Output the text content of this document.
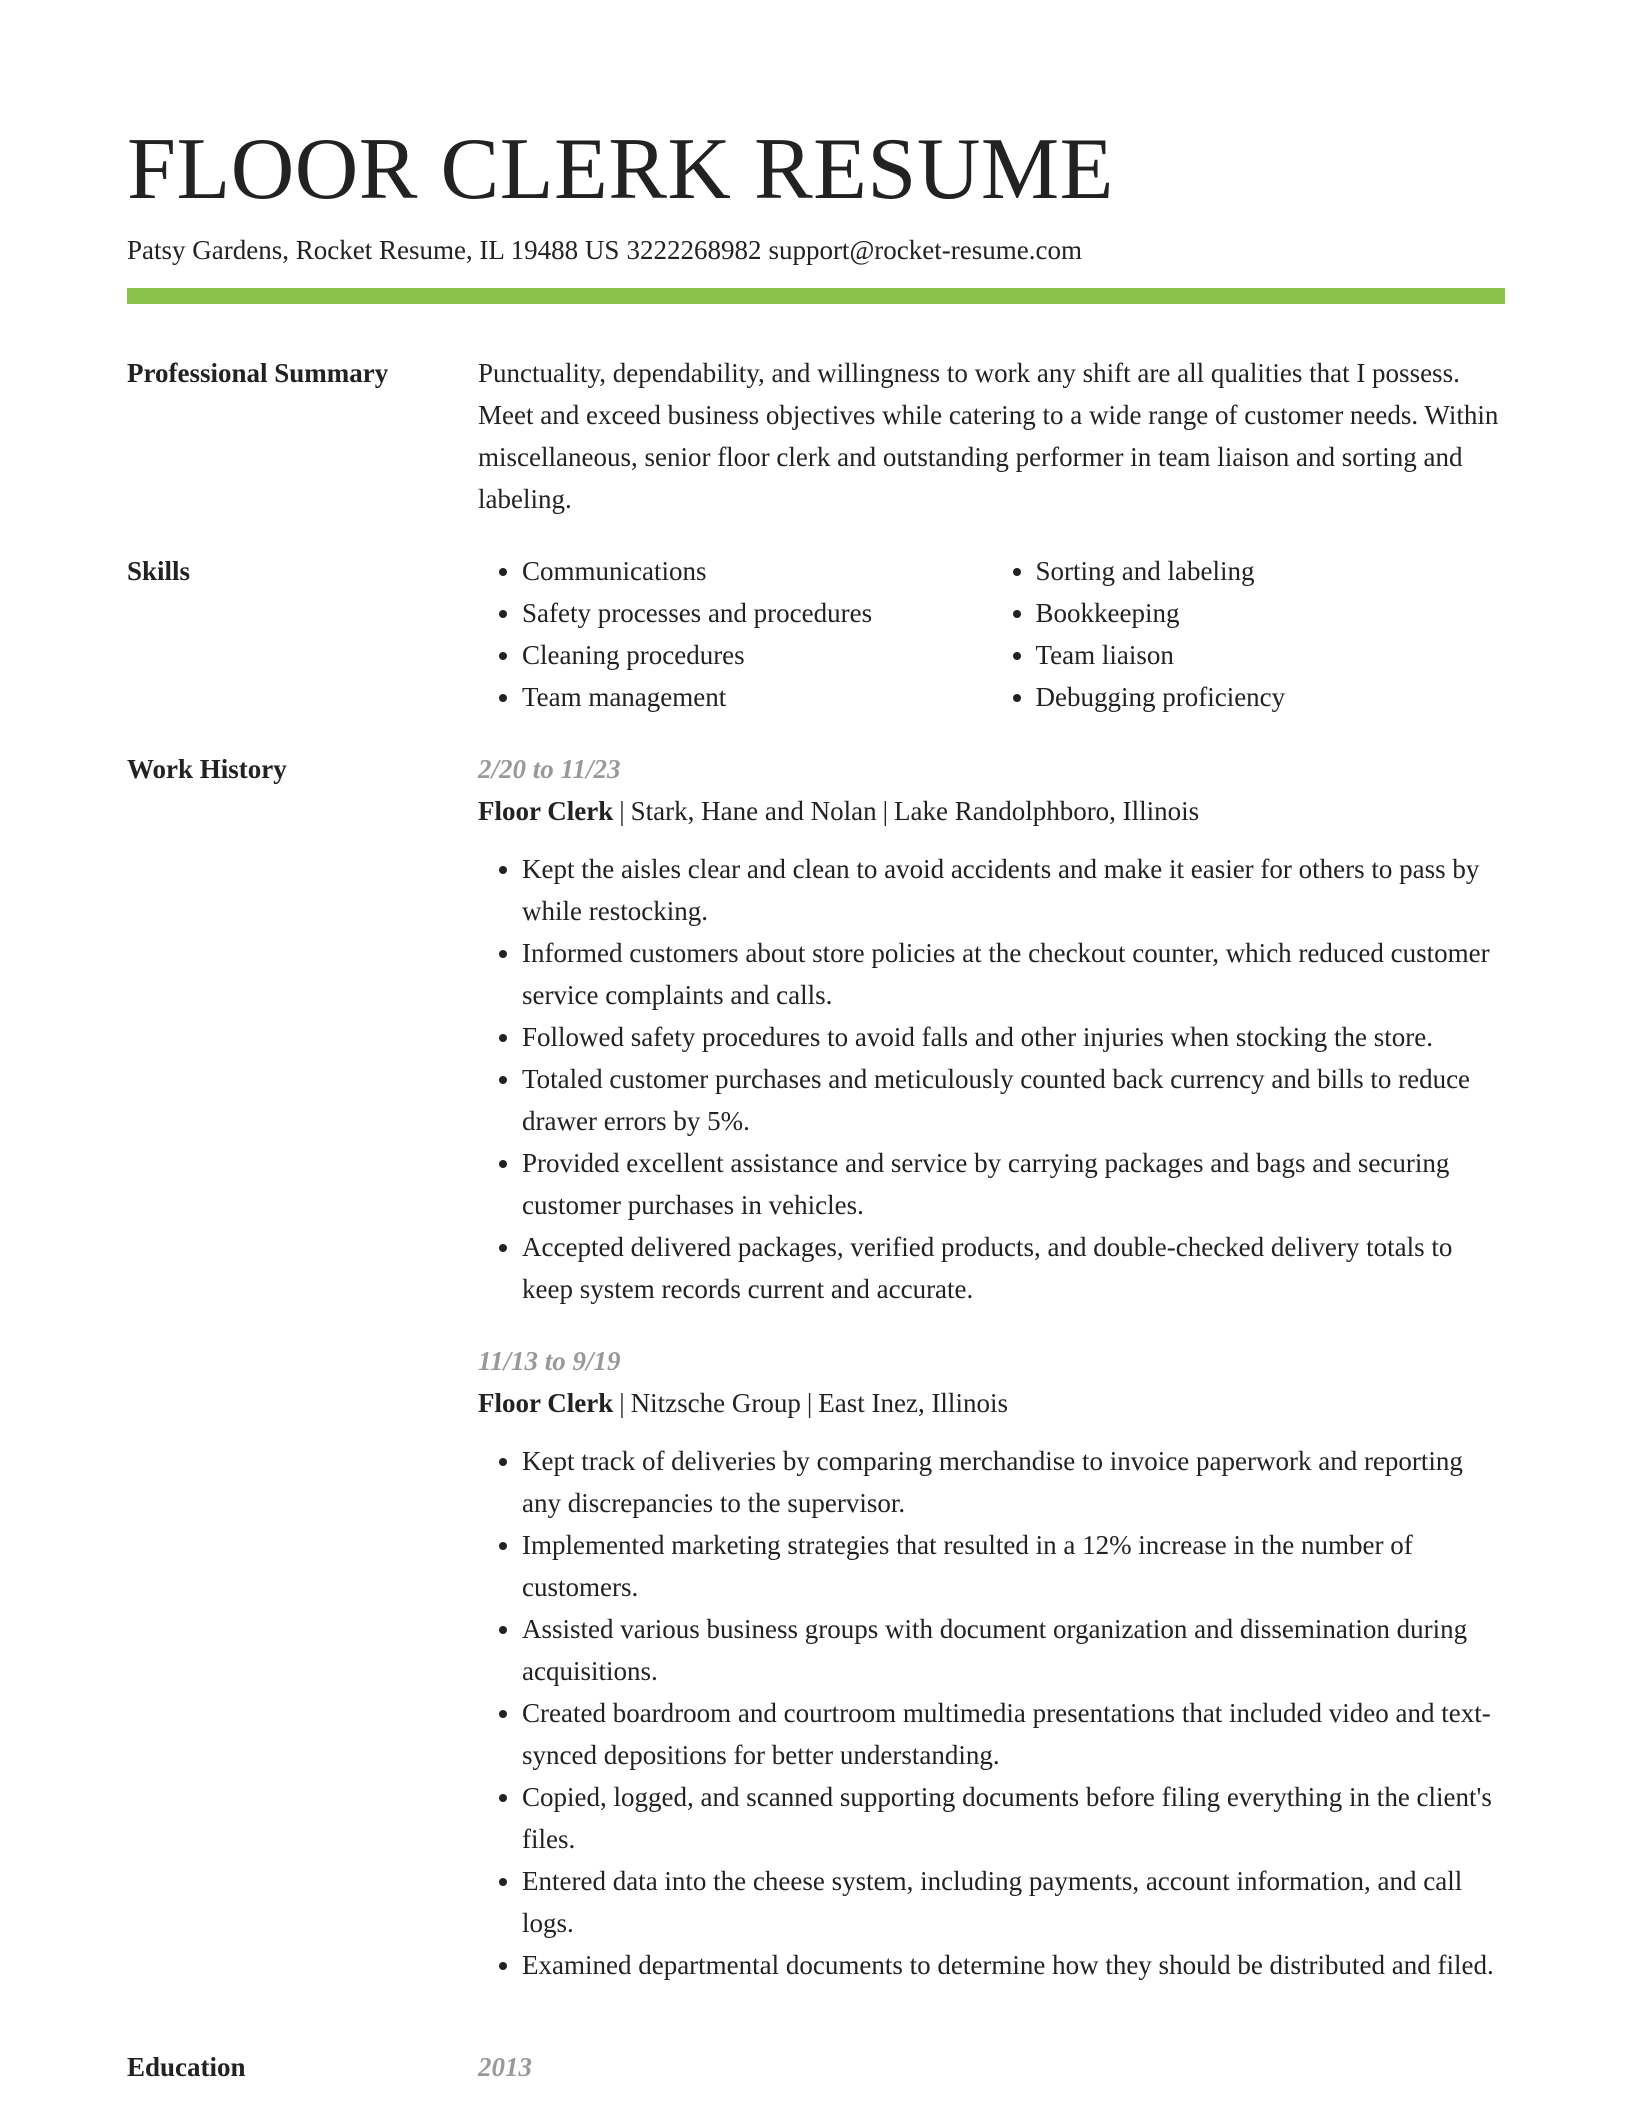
FLOOR CLERK RESUME
Patsy Gardens, Rocket Resume, IL 19488 US 3222268982 support@rocket-resume.com
Professional Summary	Punctuality, dependability, and willingness to work any shift are all qualities that I possess. Meet and exceed business objectives while catering to a wide range of customer needs. Within miscellaneous, senior floor clerk and outstanding performer in team liaison and sorting and labeling.

Skills
•	Communications
• Safety processes and procedures
• Cleaning procedures
• Team management
• Sorting and labeling
• Bookkeeping
• Team liaison
• Debugging proficiency
Work History	2/20 to 11/23
Floor Clerk | Stark, Hane and Nolan | Lake Randolphboro, Illinois
• Kept the aisles clear and clean to avoid accidents and make it easier for others to pass by while restocking.
• Informed customers about store policies at the checkout counter, which reduced customer service complaints and calls.
• Followed safety procedures to avoid falls and other injuries when stocking the store.
• Totaled customer purchases and meticulously counted back currency and bills to reduce drawer errors by 5%.
• Provided excellent assistance and service by carrying packages and bags and securing customer purchases in vehicles.
• Accepted delivered packages, verified products, and double-checked delivery totals to keep system records current and accurate.
11/13 to 9/19
Floor Clerk | Nitzsche Group | East Inez, Illinois
• Kept track of deliveries by comparing merchandise to invoice paperwork and reporting any discrepancies to the supervisor.
• Implemented marketing strategies that resulted in a 12% increase in the number of customers.
• Assisted various business groups with document organization and dissemination during acquisitions.
• Created boardroom and courtroom multimedia presentations that included video and text-synced depositions for better understanding.
• Copied, logged, and scanned supporting documents before filing everything in the client's files.
• Entered data into the cheese system, including payments, account information, and call logs.
• Examined departmental documents to determine how they should be distributed and filed.
Education	2013
